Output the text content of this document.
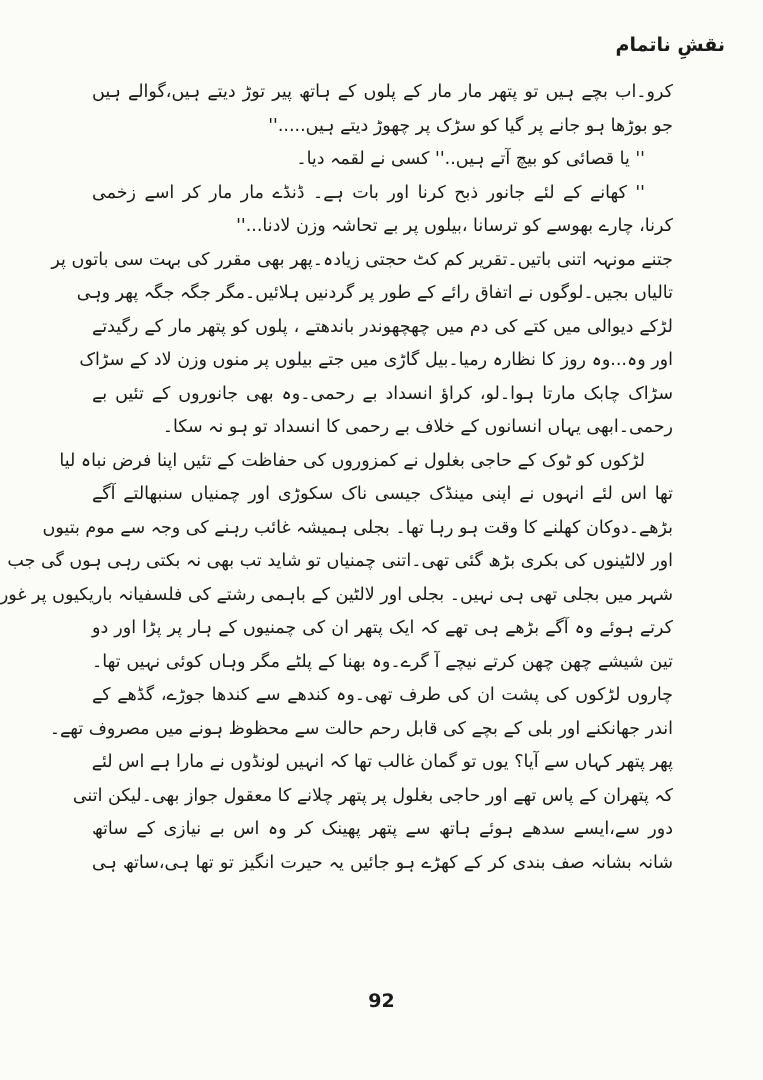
نقشِ ناتمام
کرو۔اب بچے ہیں تو پتھر مار مار کے پلوں کے ہاتھ پیر توڑ دیتے ہیں،گوالے ہیں
جو بوڑھا ہو جانے پر گیا کو سڑک پر چھوڑ دیتے ہیں.....''
'' یا قصائی کو بیچ آتے ہیں..'' کسی نے لقمہ دیا۔
'' کھانے کے لئے جانور ذبح کرنا اور بات ہے۔ ڈنڈے مار مار کر اسے زخمی
کرنا، چارے بھوسے کو ترسانا ،بیلوں پر بے تحاشہ وزن لادنا...''
جتنے مونہہ اتنی باتیں۔تقریر کم کٹ حجتی زیادہ۔پھر بھی مقرر کی بہت سی باتوں پر
تالیاں بجیں۔لوگوں نے اتفاق رائے کے طور پر گردنیں ہلائیں۔مگر جگہ جگہ پھر وہی
لڑکے دیوالی میں کتے کی دم میں چھچھوندر باندھتے ، پلوں کو پتھر مار کے رگیدتے
اور وہ...وہ روز کا نظارہ رمیا۔بیل گاڑی میں جتے بیلوں پر منوں وزن لاد کے سڑاک
سڑاک چابک مارتا ہوا۔لو، کراؤ انسداد بے رحمی۔وہ بھی جانوروں کے تئیں بے
رحمی۔ابھی یہاں انسانوں کے خلاف بے رحمی کا انسداد تو ہو نہ سکا۔
لڑکوں کو ٹوک کے حاجی بغلول نے کمزوروں کی حفاظت کے تئیں اپنا فرض نباہ لیا
تھا اس لئے انہوں نے اپنی مینڈک جیسی ناک سکوڑی اور چمنیاں سنبھالتے آگے
بڑھے۔دوکان کھلنے کا وقت ہو رہا تھا۔ بجلی ہمیشہ غائب رہنے کی وجہ سے موم بتیوں
اور لالٹینوں کی بکری بڑھ گئی تھی۔اتنی چمنیاں تو شاید تب بھی نہ بکتی رہی ہوں گی جب
شہر میں بجلی تھی ہی نہیں۔ بجلی اور لالٹین کے باہمی رشتے کی فلسفیانہ باریکیوں پر غور
کرتے ہوئے وہ آگے بڑھے ہی تھے کہ ایک پتھر ان کی چمنیوں کے ہار پر پڑا اور دو
تین شیشے چھن چھن کرتے نیچے آ گرے۔وہ بھنا کے پلٹے مگر وہاں کوئی نہیں تھا۔
چاروں لڑکوں کی پشت ان کی طرف تھی۔وہ کندھے سے کندھا جوڑے، گڈھے کے
اندر جھانکنے اور بلی کے بچے کی قابل رحم حالت سے محظوظ ہونے میں مصروف تھے۔
پھر پتھر کہاں سے آیا؟ یوں تو گمان غالب تھا کہ انہیں لونڈوں نے مارا ہے اس لئے
کہ پتھران کے پاس تھے اور حاجی بغلول پر پتھر چلانے کا معقول جواز بھی۔لیکن اتنی
دور سے،ایسے سدھے ہوئے ہاتھ سے پتھر پھینک کر وہ اس بے نیازی کے ساتھ
شانہ بشانہ صف بندی کر کے کھڑے ہو جائیں یہ حیرت انگیز تو تھا ہی،ساتھ ہی
92
